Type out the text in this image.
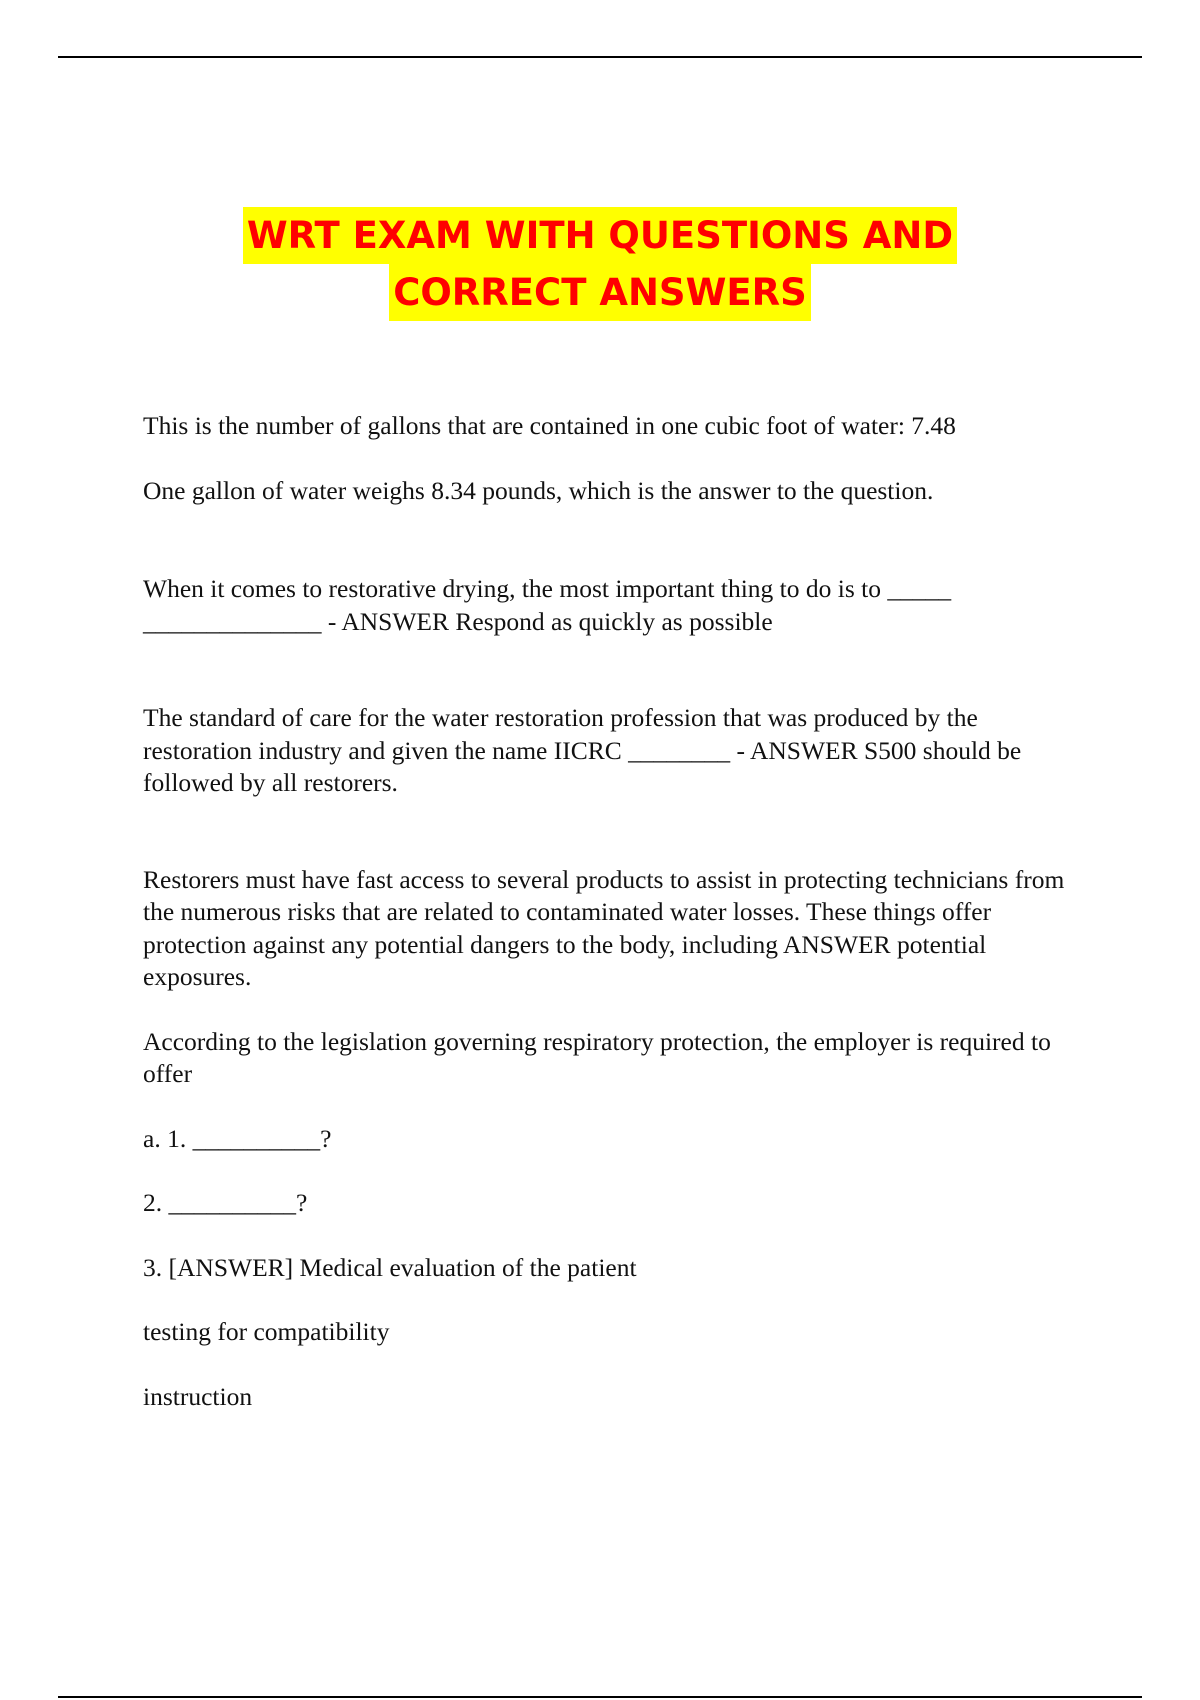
WRT EXAM WITH QUESTIONS AND
CORRECT ANSWERS

This is the number of gallons that are contained in one cubic foot of water: 7.48

One gallon of water weighs 8.34 pounds, which is the answer to the question.

When it comes to restorative drying, the most important thing to do is to _____

______________ - ANSWER Respond as quickly as possible

The standard of care for the water restoration profession that was produced by the restoration industry and given the name IICRC ________ - ANSWER S500 should be followed by all restorers.

Restorers must have fast access to several products to assist in protecting technicians from the numerous risks that are related to contaminated water losses. These things offer protection against any potential dangers to the body, including ANSWER potential exposures.

According to the legislation governing respiratory protection, the employer is required to offer

a. 1. __________?

2. __________?

3. [ANSWER] Medical evaluation of the patient

testing for compatibility

instruction
